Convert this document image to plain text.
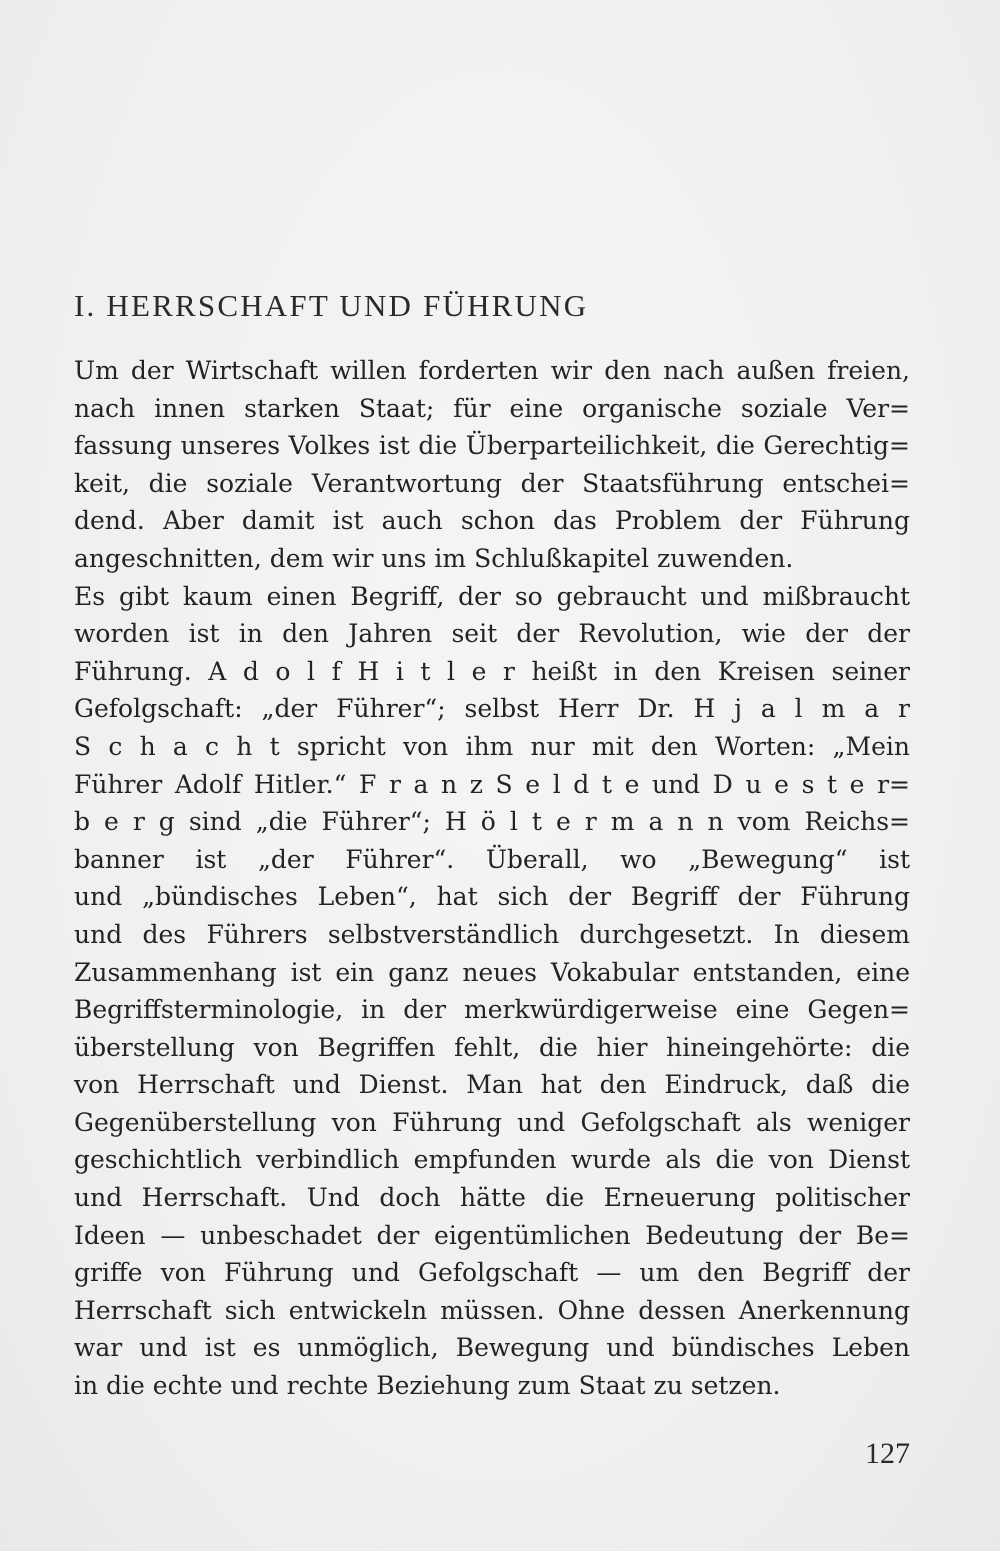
I. HERRSCHAFT UND FÜHRUNG
Um der Wirtschaft willen forderten wir den nach außen freien,
nach innen starken Staat; für eine organische soziale Ver=
fassung unseres Volkes ist die Überparteilichkeit, die Gerechtig=
keit, die soziale Verantwortung der Staatsführung entschei=
dend. Aber damit ist auch schon das Problem der Führung
angeschnitten, dem wir uns im Schlußkapitel zuwenden.
Es gibt kaum einen Begriff, der so gebraucht und mißbraucht
worden ist in den Jahren seit der Revolution, wie der der
Führung. A d o l f H i t l e r heißt in den Kreisen seiner
Gefolgschaft: „der Führer“; selbst Herr Dr. H j a l m a r
S c h a c h t spricht von ihm nur mit den Worten: „Mein
Führer Adolf Hitler.“ F r a n z S e l d t e und D u e s t e r=
b e r g sind „die Führer“; H ö l t e r m a n n vom Reichs=
banner ist „der Führer“. Überall, wo „Bewegung“ ist
und „bündisches Leben“, hat sich der Begriff der Führung
und des Führers selbstverständlich durchgesetzt. In diesem
Zusammenhang ist ein ganz neues Vokabular entstanden, eine
Begriffsterminologie, in der merkwürdigerweise eine Gegen=
überstellung von Begriffen fehlt, die hier hineingehörte: die
von Herrschaft und Dienst. Man hat den Eindruck, daß die
Gegenüberstellung von Führung und Gefolgschaft als weniger
geschichtlich verbindlich empfunden wurde als die von Dienst
und Herrschaft. Und doch hätte die Erneuerung politischer
Ideen — unbeschadet der eigentümlichen Bedeutung der Be=
griffe von Führung und Gefolgschaft — um den Begriff der
Herrschaft sich entwickeln müssen. Ohne dessen Anerkennung
war und ist es unmöglich, Bewegung und bündisches Leben
in die echte und rechte Beziehung zum Staat zu setzen.

127
